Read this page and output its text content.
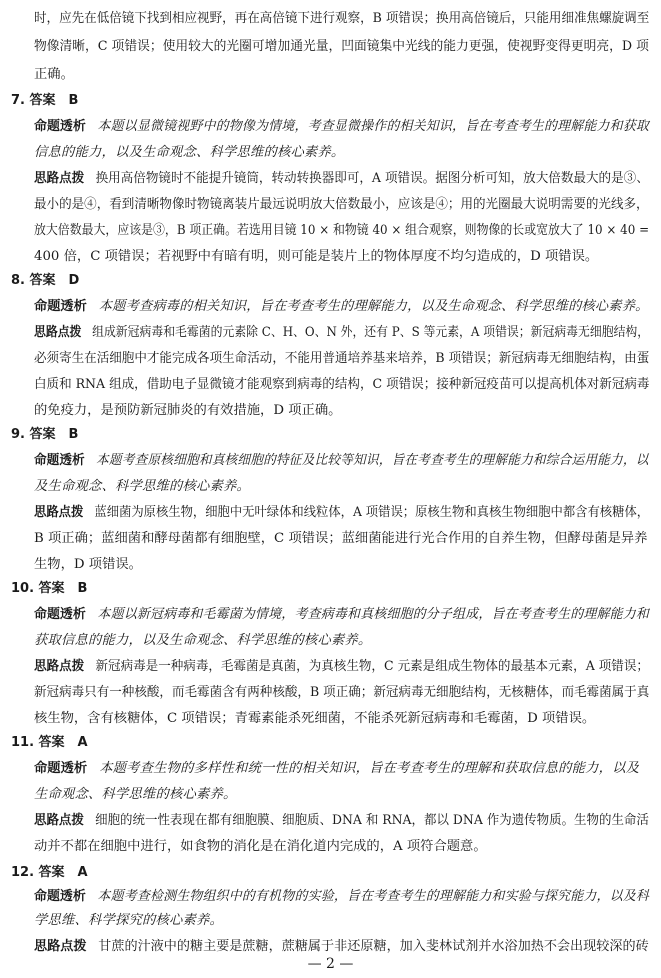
时，应先在低倍镜下找到相应视野，再在高倍镜下进行观察，B 项错误；换用高倍镜后，只能用细准焦螺旋调至
物像清晰，C 项错误；使用较大的光圈可增加通光量，凹面镜集中光线的能力更强，使视野变得更明亮，D 项
正确。
7. 答案　B
命题透析 本题以显微镜视野中的物像为情境，考查显微操作的相关知识，旨在考查考生的理解能力和获取
信息的能力，以及生命观念、科学思维的核心素养。
思路点拨 换用高倍物镜时不能提升镜筒，转动转换器即可，A 项错误。据图分析可知，放大倍数最大的是③、
最小的是④，看到清晰物像时物镜离装片最远说明放大倍数最小，应该是④；用的光圈最大说明需要的光线多，
放大倍数最大，应该是③，B 项正确。若选用目镜 10 × 和物镜 40 × 组合观察，则物像的长或宽放大了 10 × 40 =
400 倍，C 项错误；若视野中有暗有明，则可能是装片上的物体厚度不均匀造成的，D 项错误。
8. 答案　D
命题透析 本题考查病毒的相关知识，旨在考查考生的理解能力，以及生命观念、科学思维的核心素养。
思路点拨 组成新冠病毒和毛霉菌的元素除 C、H、O、N 外，还有 P、S 等元素，A 项错误；新冠病毒无细胞结构，
必须寄生在活细胞中才能完成各项生命活动，不能用普通培养基来培养，B 项错误；新冠病毒无细胞结构，由蛋
白质和 RNA 组成，借助电子显微镜才能观察到病毒的结构，C 项错误；接种新冠疫苗可以提高机体对新冠病毒
的免疫力，是预防新冠肺炎的有效措施，D 项正确。
9. 答案　B
命题透析 本题考查原核细胞和真核细胞的特征及比较等知识，旨在考查考生的理解能力和综合运用能力，以
及生命观念、科学思维的核心素养。
思路点拨 蓝细菌为原核生物，细胞中无叶绿体和线粒体，A 项错误；原核生物和真核生物细胞中都含有核糖体，
B 项正确；蓝细菌和酵母菌都有细胞壁，C 项错误；蓝细菌能进行光合作用的自养生物，但酵母菌是异养
生物，D 项错误。
10. 答案　B
命题透析 本题以新冠病毒和毛霉菌为情境，考查病毒和真核细胞的分子组成，旨在考查考生的理解能力和
获取信息的能力，以及生命观念、科学思维的核心素养。
思路点拨 新冠病毒是一种病毒，毛霉菌是真菌，为真核生物，C 元素是组成生物体的最基本元素，A 项错误；
新冠病毒只有一种核酸，而毛霉菌含有两种核酸，B 项正确；新冠病毒无细胞结构，无核糖体，而毛霉菌属于真
核生物，含有核糖体，C 项错误；青霉素能杀死细菌，不能杀死新冠病毒和毛霉菌，D 项错误。
11. 答案　A
命题透析 本题考查生物的多样性和统一性的相关知识，旨在考查考生的理解和获取信息的能力，以及
生命观念、科学思维的核心素养。
思路点拨 细胞的统一性表现在都有细胞膜、细胞质、DNA 和 RNA，都以 DNA 作为遗传物质。生物的生命活
动并不都在细胞中进行，如食物的消化是在消化道内完成的，A 项符合题意。
12. 答案　A
命题透析 本题考查检测生物组织中的有机物的实验，旨在考查考生的理解能力和实验与探究能力，以及科
学思维、科学探究的核心素养。
思路点拨 甘蔗的汁液中的糖主要是蔗糖，蔗糖属于非还原糖，加入斐林试剂并水浴加热不会出现较深的砖
— 2 —
